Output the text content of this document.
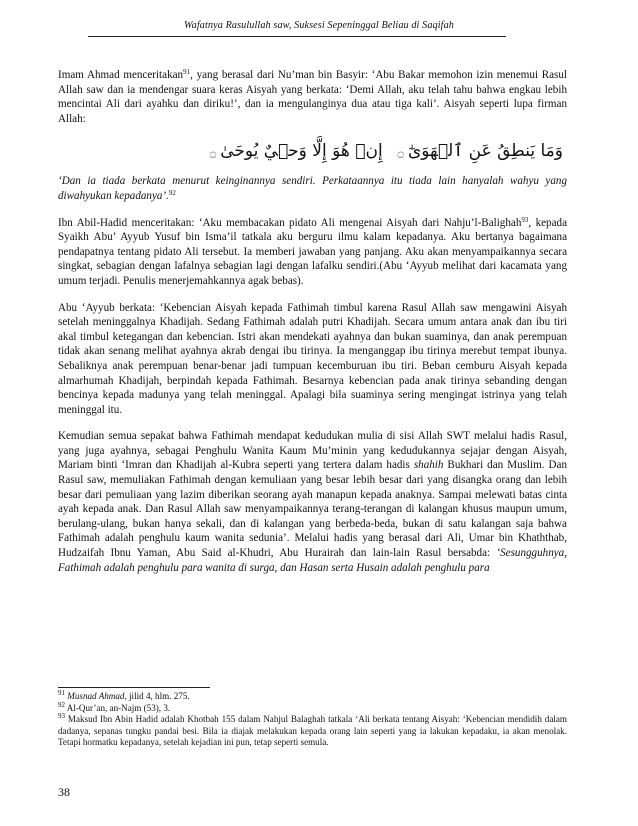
Wafatnya Rasulullah saw, Suksesi Sepeninggal Beliau di Saqifah

Imam Ahmad menceritakan$^{91}$, yang berasal dari Nu’man bin Basyir: ‘Abu Bakar memohon izin menemui Rasul Allah saw dan ia mendengar suara keras Aisyah yang berkata: ‘Demi Allah, aku telah tahu bahwa engkau lebih mencintai Ali dari ayahku dan diriku!’, dan ia mengulanginya dua atau tiga kali’. Aisyah seperti lupa firman Allah:

وَمَا يَنطِقُ عَنِ ٱلۡهَوَىٰٓ۝  إِنۡ هُوَ إِلَّا وَحۡيٌ يُوحَىٰ۝

‘Dan ia tiada berkata menurut keinginannya sendiri. Perkataannya itu tiada lain hanyalah wahyu yang diwahyukan kepadanya’.$^{92}$

Ibn Abil-Hadid menceritakan: ‘Aku membacakan pidato Ali mengenai Aisyah dari Nahju’l-Balighah$^{93}$, kepada Syaikh Abu’ Ayyub Yusuf bin Isma’il tatkala aku berguru ilmu kalam kepadanya. Aku bertanya bagaimana pendapatnya tentang pidato Ali tersebut. Ia memberi jawaban yang panjang. Aku akan menyampaikannya secara singkat, sebagian dengan lafalnya sebagian lagi dengan lafalku sendiri.(Abu ‘Ayyub melihat dari kacamata yang umum terjadi. Penulis menerjemahkannya agak bebas).

Abu ‘Ayyub berkata: ‘Kebencian Aisyah kepada Fathimah timbul karena Rasul Allah saw mengawini Aisyah setelah meninggalnya Khadijah. Sedang Fathimah adalah putri Khadijah. Secara umum antara anak dan ibu tiri akal timbul ketegangan dan kebencian. Istri akan mendekati ayahnya dan bukan suaminya, dan anak perempuan tidak akan senang melihat ayahnya akrab dengai ibu tirinya. Ia menganggap ibu tirinya merebut tempat ibunya. Sebaliknya anak perempuan benar-benar jadi tumpuan kecemburuan ibu tiri. Beban cemburu Aisyah kepada almarhumah Khadijah, berpindah kepada Fathimah. Besarnya kebencian pada anak tirinya sebanding dengan bencinya kepada madunya yang telah meninggal. Apalagi bila suaminya sering mengingat istrinya yang telah meninggal itu.

Kemudian semua sepakat bahwa Fathimah mendapat kedudukan mulia di sisi Allah SWT melalui hadis Rasul, yang juga ayahnya, sebagai Penghulu Wanita Kaum Mu’minin yang kedudukannya sejajar dengan Aisyah, Mariam binti ‘Imran dan Khadijah al-Kubra seperti yang tertera dalam hadis shahih Bukhari dan Muslim. Dan Rasul saw, memuliakan Fathimah dengan kemuliaan yang besar lebih besar dari yang disangka orang dan lebih besar dari pemuliaan yang lazim diberikan seorang ayah manapun kepada anaknya. Sampai melewati batas cinta ayah kepada anak. Dan Rasul Allah saw menyampaikannya terang-terangan di kalangan khusus maupun umum, berulang-ulang, bukan hanya sekali, dan di kalangan yang berbeda-beda, bukan di satu kalangan saja bahwa Fathimah adalah penghulu kaum wanita sedunia’. Melalui hadis yang berasal dari Ali, Umar bin Khaththab, Hudzaifah Ibnu Yaman, Abu Said al-Khudri, Abu Hurairah dan lain-lain Rasul bersabda: ‘Sesungguhnya, Fathimah adalah penghulu para wanita di surga, dan Hasan serta Husain adalah penghulu para

$^{91}$ Musnad Ahmad, jilid 4, hlm. 275.

$^{92}$ Al-Qur’an, an-Najm (53), 3.

$^{93}$ Maksud Ibn Abin Hadid adalah Khotbah 155 dalam Nahjul Balaghah tatkala ‘Ali berkata tentang Aisyah: ‘Kebencian mendidih dalam dadanya, sepanas tungku pandai besi. Bila ia diajak melakukan kepada orang lain seperti yang ia lakukan kepadaku, ia akan menolak. Tetapi hormatku kepadanya, setelah kejadian ini pun, tetap seperti semula.

38
